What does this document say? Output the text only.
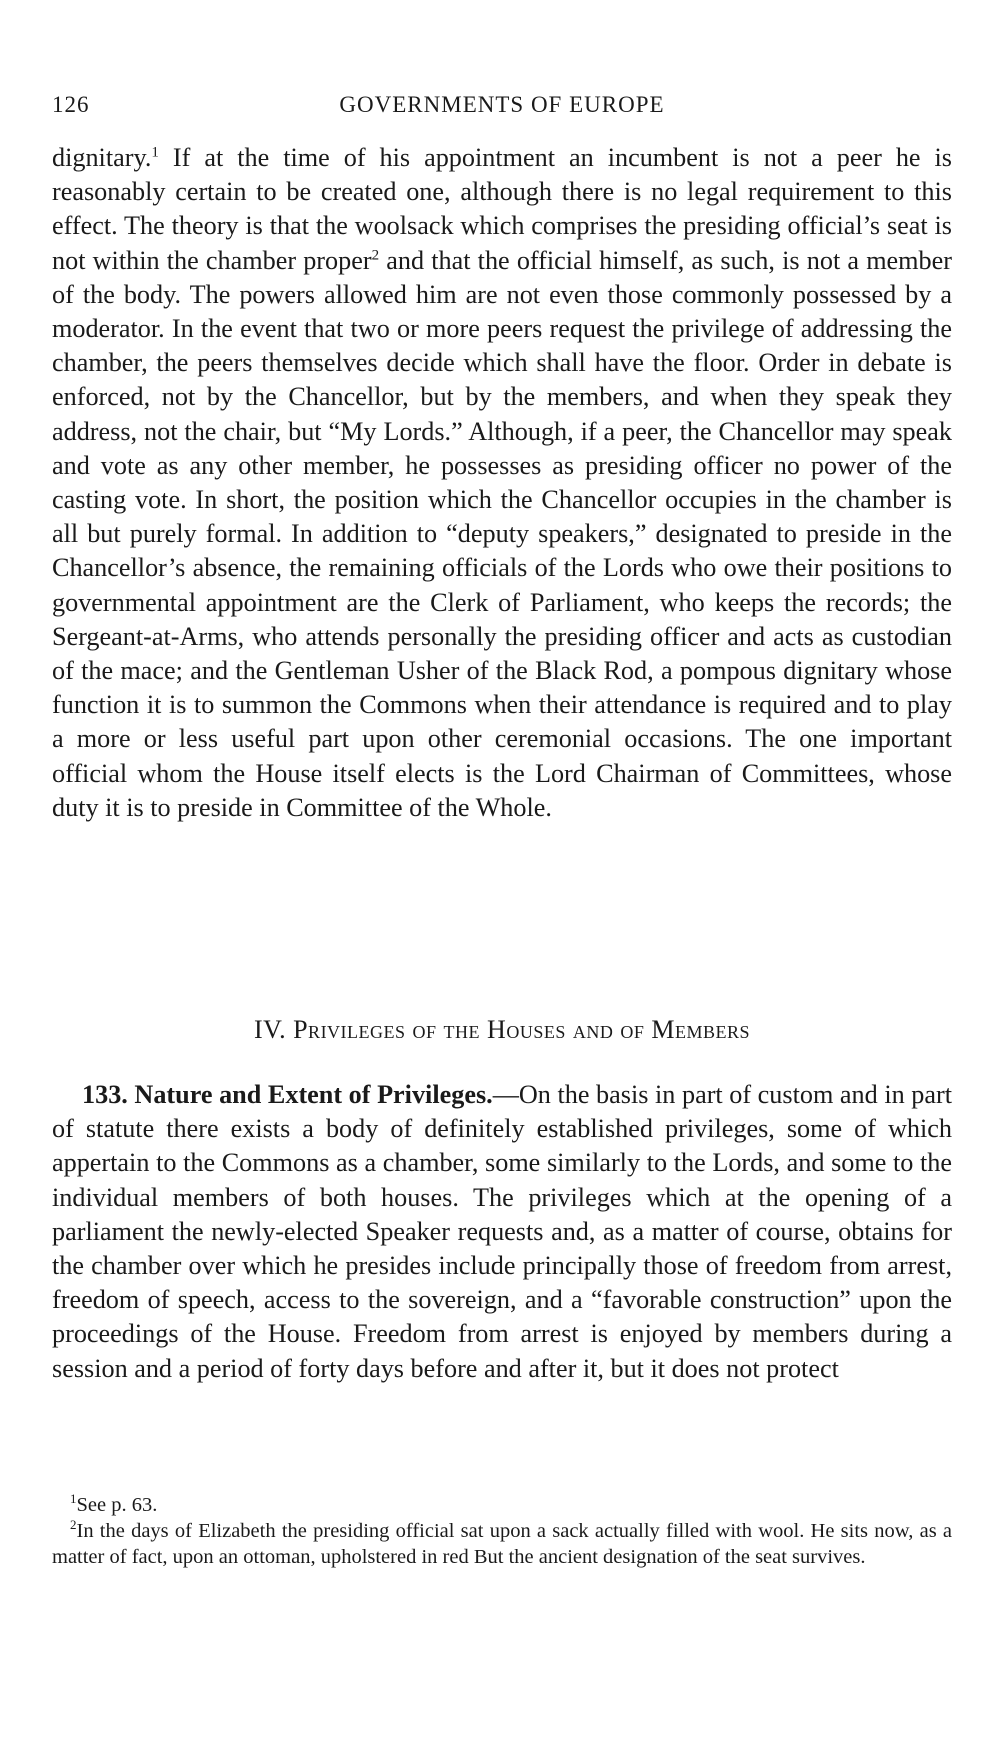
126	GOVERNMENTS OF EUROPE

dignitary.$^1$ If at the time of his appointment an incumbent is not a peer he is reasonably certain to be created one, although there is no legal requirement to this effect. The theory is that the woolsack which comprises the presiding official’s seat is not within the chamber proper$^2$ and that the official himself, as such, is not a member of the body. The powers allowed him are not even those commonly possessed by a moderator. In the event that two or more peers request the privilege of addressing the chamber, the peers themselves decide which shall have the floor. Order in debate is enforced, not by the Chancellor, but by the members, and when they speak they address, not the chair, but “My Lords.” Although, if a peer, the Chancellor may speak and vote as any other member, he possesses as presiding officer no power of the casting vote. In short, the position which the Chancellor occupies in the chamber is all but purely formal. In addition to “deputy speakers,” designated to preside in the Chancellor’s absence, the remaining officials of the Lords who owe their positions to governmental appointment are the Clerk of Parliament, who keeps the records; the Sergeant-at-Arms, who attends personally the presiding officer and acts as custodian of the mace; and the Gentleman Usher of the Black Rod, a pompous dignitary whose function it is to summon the Commons when their attendance is required and to play a more or less useful part upon other ceremonial occasions. The one important official whom the House itself elects is the Lord Chairman of Committees, whose duty it is to preside in Committee of the Whole.

IV. Privileges of the Houses and of Members

133. Nature and Extent of Privileges.—On the basis in part of custom and in part of statute there exists a body of definitely established privileges, some of which appertain to the Commons as a chamber, some similarly to the Lords, and some to the individual members of both houses. The privileges which at the opening of a parliament the newly-elected Speaker requests and, as a matter of course, obtains for the chamber over which he presides include principally those of freedom from arrest, freedom of speech, access to the sovereign, and a “favorable construction” upon the proceedings of the House. Freedom from arrest is enjoyed by members during a session and a period of forty days before and after it, but it does not protect

$^1$See p. 63.

$^2$In the days of Elizabeth the presiding official sat upon a sack actually filled with wool. He sits now, as a matter of fact, upon an ottoman, upholstered in red But the ancient designation of the seat survives.
